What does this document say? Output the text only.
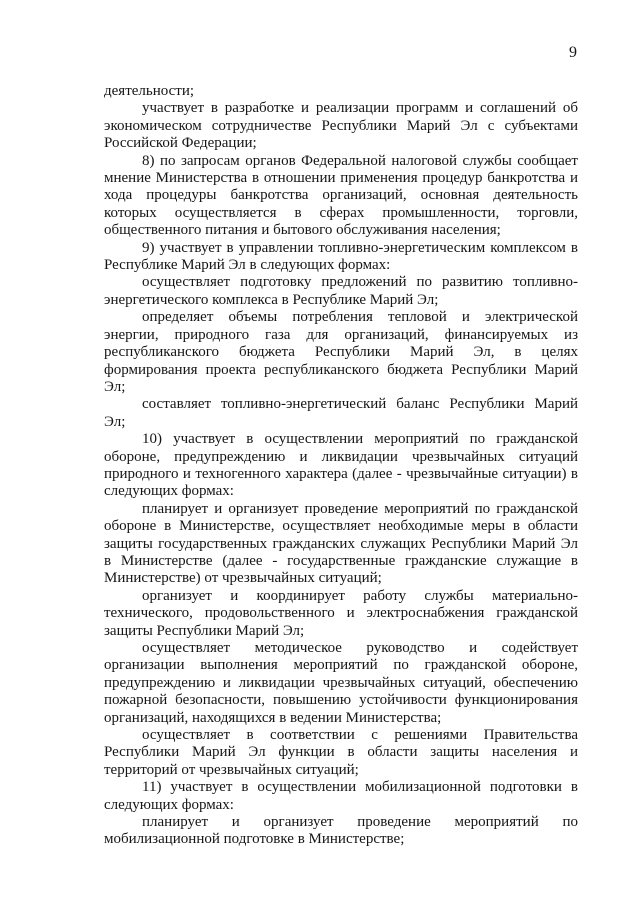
9

деятельности;

участвует в разработке и реализации программ и соглашений об экономическом сотрудничестве Республики Марий Эл с субъектами Российской Федерации;

8) по запросам органов Федеральной налоговой службы сообщает мнение Министерства в отношении применения процедур банкротства и хода процедуры банкротства организаций, основная деятельность которых осуществляется в сферах промышленности, торговли, общественного питания и бытового обслуживания населения;

9) участвует в управлении топливно-энергетическим комплексом в Республике Марий Эл в следующих формах:

осуществляет подготовку предложений по развитию топливно-энергетического комплекса в Республике Марий Эл;

определяет объемы потребления тепловой и электрической энергии, природного газа для организаций, финансируемых из республиканского бюджета Республики Марий Эл, в целях формирования проекта республиканского бюджета Республики Марий Эл;

составляет топливно-энергетический баланс Республики Марий Эл;

10) участвует в осуществлении мероприятий по гражданской обороне, предупреждению и ликвидации чрезвычайных ситуаций природного и техногенного характера (далее - чрезвычайные ситуации) в следующих формах:

планирует и организует проведение мероприятий по гражданской обороне в Министерстве, осуществляет необходимые меры в области защиты государственных гражданских служащих Республики Марий Эл в Министерстве (далее - государственные гражданские служащие в Министерстве) от чрезвычайных ситуаций;

организует и координирует работу службы материально-технического, продовольственного и электроснабжения гражданской защиты Республики Марий Эл;

осуществляет методическое руководство и содействует организации выполнения мероприятий по гражданской обороне, предупреждению и ликвидации чрезвычайных ситуаций, обеспечению пожарной безопасности, повышению устойчивости функционирования организаций, находящихся в ведении Министерства;

осуществляет в соответствии с решениями Правительства Республики Марий Эл функции в области защиты населения и территорий от чрезвычайных ситуаций;

11) участвует в осуществлении мобилизационной подготовки в следующих формах:

планирует и организует проведение мероприятий по мобилизационной подготовке в Министерстве;
